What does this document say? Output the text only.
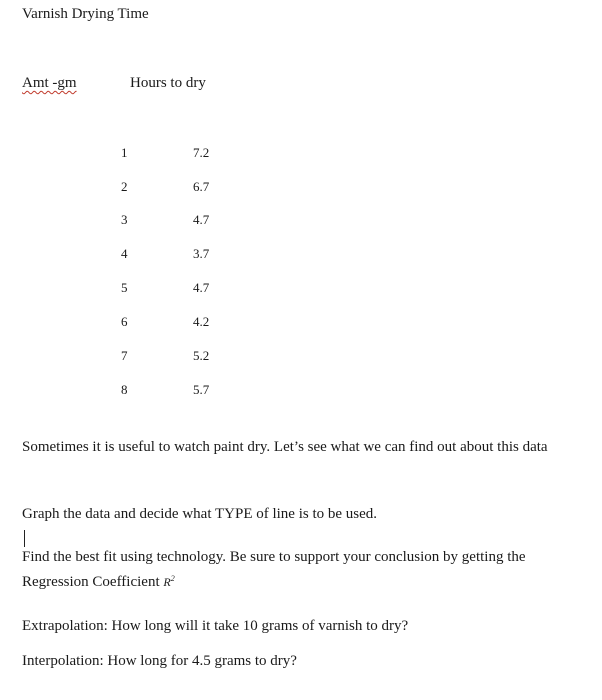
Varnish Drying Time
Amt -gm	Hours to dry
1	7.2
2	6.7
3	4.7
4	3.7
5	4.7
6	4.2
7	5.2
8	5.7
Sometimes it is useful to watch paint dry. Let’s see what we can find out about this data
Graph the data and decide what TYPE of line is to be used.
Find the best fit using technology. Be sure to support your conclusion by getting the Regression Coefficient $R^2$
Extrapolation: How long will it take 10 grams of varnish to dry?
Interpolation: How long for 4.5 grams to dry?
